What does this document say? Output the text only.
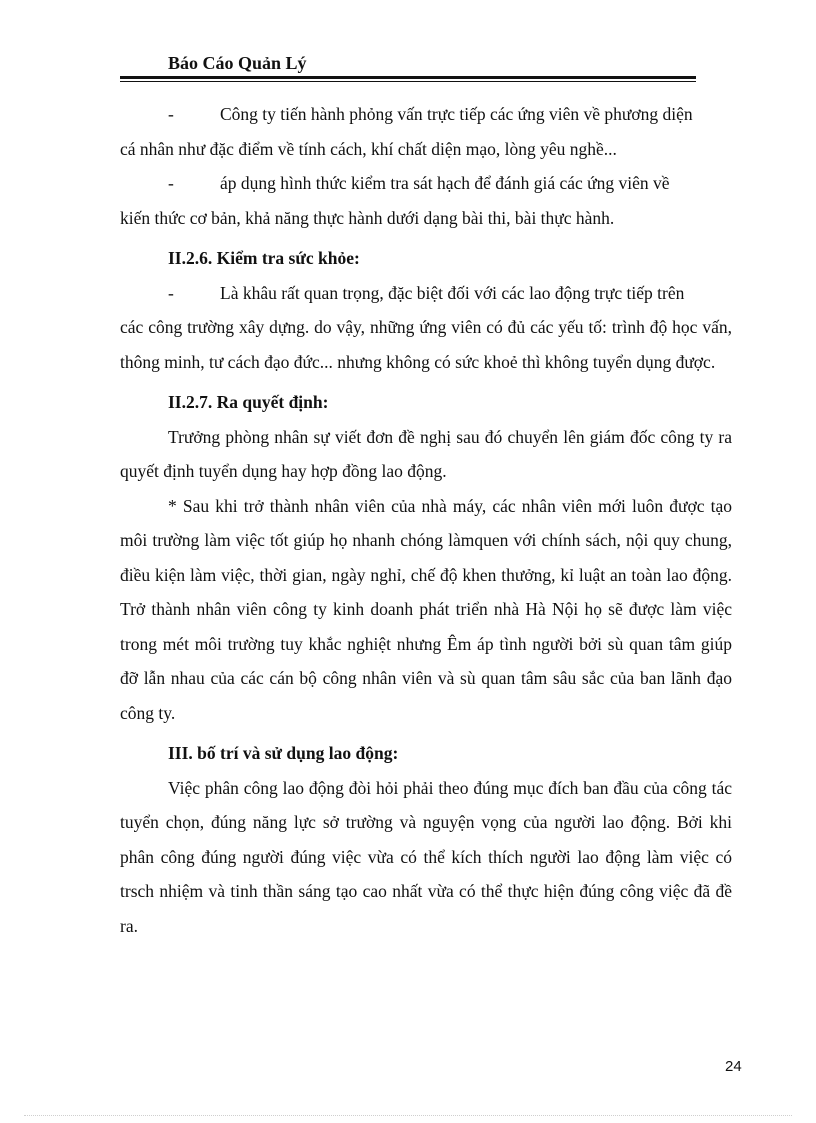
Báo Cáo Quản Lý
-	Công ty tiến hành phỏng vấn trực tiếp các ứng viên về phương diện

cá nhân như đặc điểm về tính cách, khí chất diện mạo, lòng yêu nghề...

-	áp dụng hình thức kiểm tra sát hạch để đánh giá các ứng viên về

kiến thức cơ bản, khả năng thực hành dưới dạng bài thi, bài thực hành.

II.2.6. Kiểm tra sức khỏe:
-	Là khâu rất quan trọng, đặc biệt đối với các lao động trực tiếp trên

các công trường xây dựng. do vậy, những ứng viên có đủ các yếu tố: trình độ học vấn, thông minh, tư cách đạo đức... nhưng không có sức khoẻ thì không tuyển dụng được.

II.2.7. Ra quyết định:

Trưởng phòng nhân sự viết đơn đề nghị sau đó chuyển lên giám đốc công ty ra quyết định tuyển dụng hay hợp đồng lao động.

* Sau khi trở thành nhân viên của nhà máy, các nhân viên mới luôn được tạo môi trường làm việc tốt giúp họ nhanh chóng làmquen với chính sách, nội quy chung, điều kiện làm việc, thời gian, ngày nghỉ, chế độ khen thưởng, kỉ luật an toàn lao động. Trở thành nhân viên công ty kinh doanh phát triển nhà Hà Nội họ sẽ được làm việc trong mét môi trường tuy khắc nghiệt nhưng Êm áp tình người bởi sù quan tâm giúp đỡ lẫn nhau của các cán bộ công nhân viên và sù quan tâm sâu sắc của ban lãnh đạo công ty.

III. bố trí và sử dụng lao động:

Việc phân công lao động đòi hỏi phải theo đúng mục đích ban đầu của công tác tuyển chọn, đúng năng lực sở trường và nguyện vọng của người lao động. Bởi khi phân công đúng người đúng việc vừa có thể kích thích người lao động làm việc có trsch nhiệm và tinh thần sáng tạo cao nhất vừa có thể thực hiện đúng công việc đã đề ra.

24
